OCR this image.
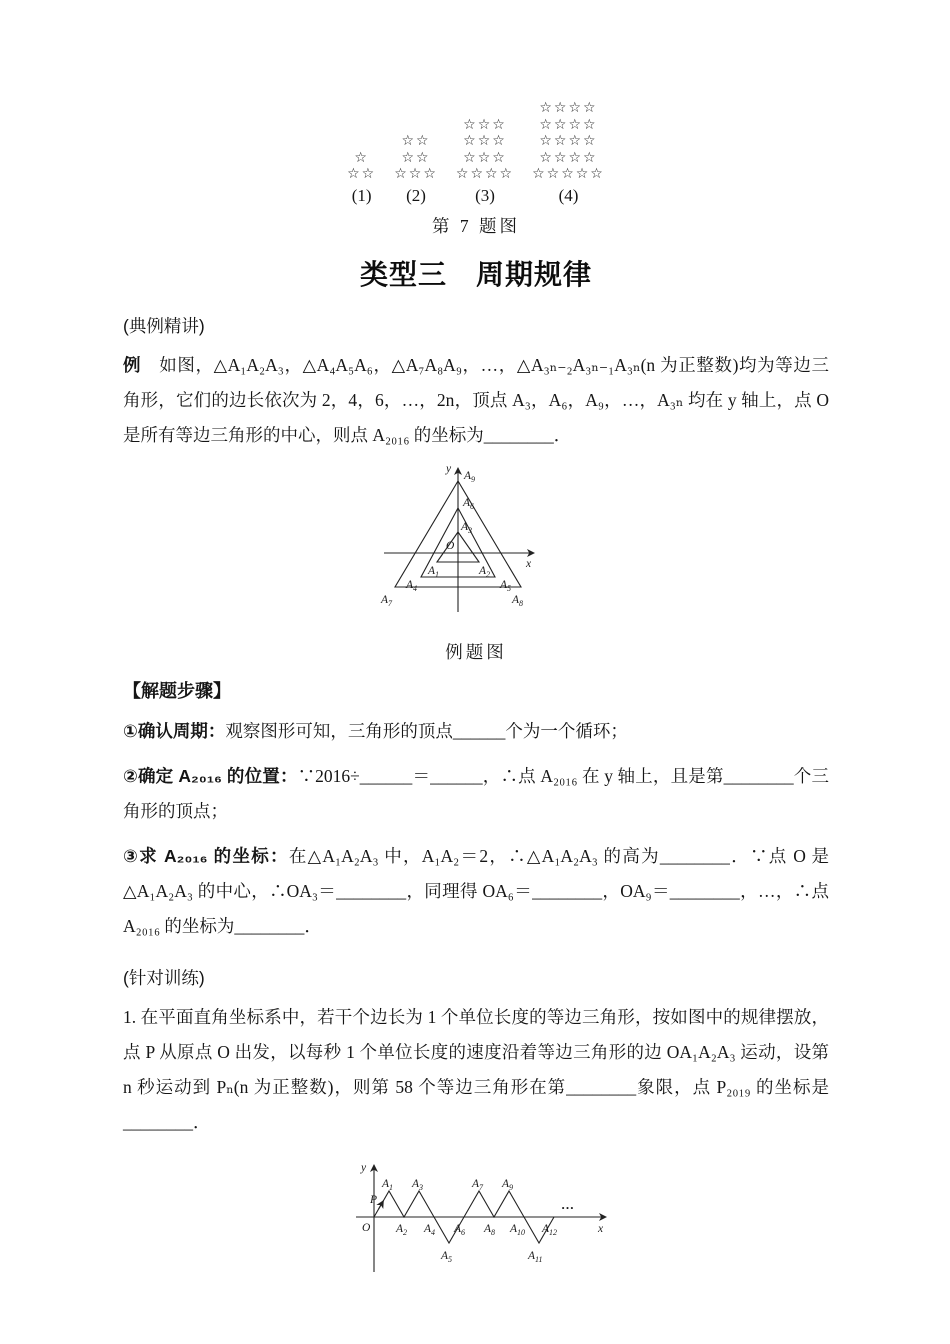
☆
☆☆
(1)
☆☆
☆☆
☆☆☆
(2)
☆☆☆
☆☆☆
☆☆☆
☆☆☆☆
(3)
☆☆☆☆
☆☆☆☆
☆☆☆☆
☆☆☆☆
☆☆☆☆☆
(4)
第 7 题图
类型三　周期规律

(典例精讲)

例　如图，△A₁A₂A₃，△A₄A₅A₆，△A₇A₈A₉，…，△A₃ₙ₋₂A₃ₙ₋₁A₃ₙ(n 为正整数)均为等边三角形，它们的边长依次为 2，4，6，…，2n，顶点 A₃，A₆，A₉，…，A₃ₙ 均在 y 轴上，点 O 是所有等边三角形的中心，则点 A₂₀₁₆ 的坐标为________．

y
$A_9$
$A_6$
$A_3$
O
x
$A_1$	$A_2$
$A_4$	$A_5$
$A_7$	$A_8$
例题图

【解题步骤】

①确认周期：观察图形可知，三角形的顶点______个为一个循环；

②确定 A₂₀₁₆ 的位置：∵2016÷______＝______，∴点 A₂₀₁₆ 在 y 轴上，且是第________个三角形的顶点；

③求 A₂₀₁₆ 的坐标：在△A₁A₂A₃ 中，A₁A₂＝2，∴△A₁A₂A₃ 的高为________．∵点 O 是△A₁A₂A₃ 的中心，∴OA₃＝________，同理得 OA₆＝________，OA₉＝________，…，∴点 A₂₀₁₆ 的坐标为________．

(针对训练)

1. 在平面直角坐标系中，若干个边长为 1 个单位长度的等边三角形，按如图中的规律摆放，点 P 从原点 O 出发，以每秒 1 个单位长度的速度沿着等边三角形的边 OA₁A₂A₃ 运动，设第 n 秒运动到 Pₙ(n 为正整数)，则第 58 个等边三角形在第________象限，点 P₂₀₁₉ 的坐标是________．

y
x
O
P
$A_1$ $A_3$	$A_7$ $A_9$
$A_2$ $A_4$ $A_6$ $A_8$ $A_{10}$ $A_{12}$
$A_5$	$A_{11}$
…
